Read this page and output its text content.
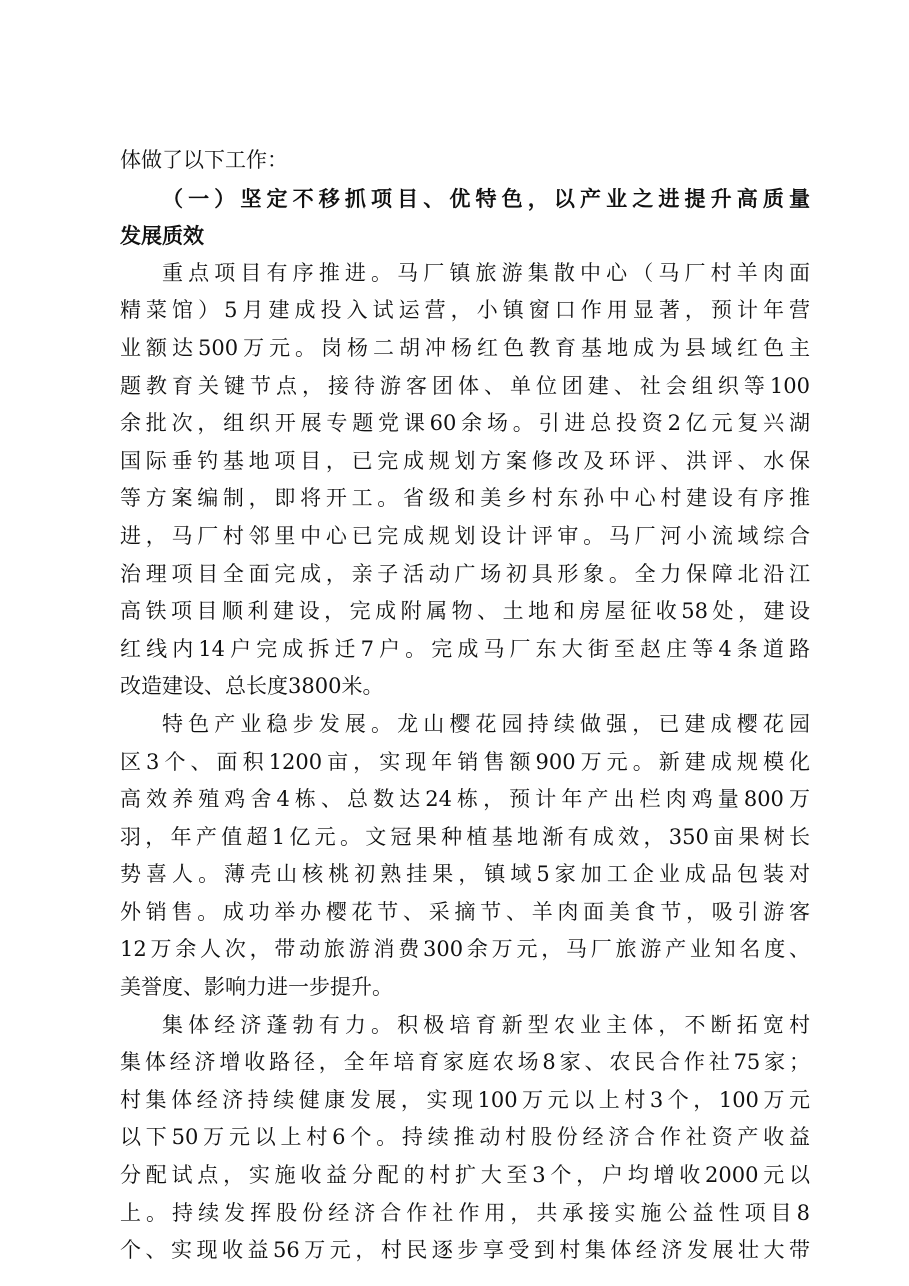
体做了以下工作：
（一）坚定不移抓项目、优特色，以产业之进提升高质量
发展质效
重点项目有序推进。马厂镇旅游集散中心（马厂村羊肉面
精菜馆）5月建成投入试运营，小镇窗口作用显著，预计年营
业额达500万元。岗杨二胡冲杨红色教育基地成为县域红色主
题教育关键节点，接待游客团体、单位团建、社会组织等100
余批次，组织开展专题党课60余场。引进总投资2亿元复兴湖
国际垂钓基地项目，已完成规划方案修改及环评、洪评、水保
等方案编制，即将开工。省级和美乡村东孙中心村建设有序推
进，马厂村邻里中心已完成规划设计评审。马厂河小流域综合
治理项目全面完成，亲子活动广场初具形象。全力保障北沿江
高铁项目顺利建设，完成附属物、土地和房屋征收58处，建设
红线内14户完成拆迁7户。完成马厂东大街至赵庄等4条道路
改造建设、总长度3800米。
特色产业稳步发展。龙山樱花园持续做强，已建成樱花园
区3个、面积1200亩，实现年销售额900万元。新建成规模化
高效养殖鸡舍4栋、总数达24栋，预计年产出栏肉鸡量800万
羽，年产值超1亿元。文冠果种植基地渐有成效，350亩果树长
势喜人。薄壳山核桃初熟挂果，镇域5家加工企业成品包装对
外销售。成功举办樱花节、采摘节、羊肉面美食节，吸引游客
12万余人次，带动旅游消费300余万元，马厂旅游产业知名度、
美誉度、影响力进一步提升。
集体经济蓬勃有力。积极培育新型农业主体，不断拓宽村
集体经济增收路径，全年培育家庭农场8家、农民合作社75家；
村集体经济持续健康发展，实现100万元以上村3个，100万元
以下50万元以上村6个。持续推动村股份经济合作社资产收益
分配试点，实施收益分配的村扩大至3个，户均增收2000元以
上。持续发挥股份经济合作社作用，共承接实施公益性项目8
个、实现收益56万元，村民逐步享受到村集体经济发展壮大带
